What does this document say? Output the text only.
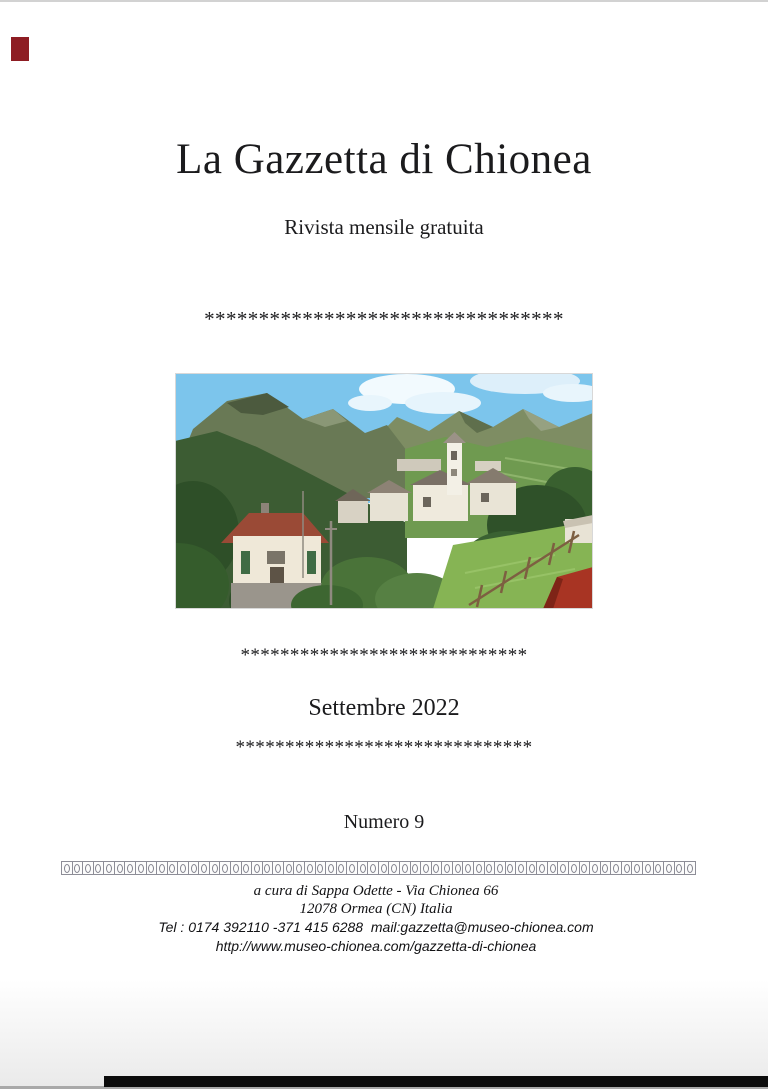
La Gazzetta di Chionea
Rivista mensile gratuita
*********************************
*****************************
Settembre 2022
******************************
Numero 9
a cura di Sappa Odette - Via Chionea 66
12078 Ormea (CN) Italia
Tel : 0174 392110 -371 415 6288  mail:gazzetta@museo-chionea.com
http://www.museo-chionea.com/gazzetta-di-chionea
